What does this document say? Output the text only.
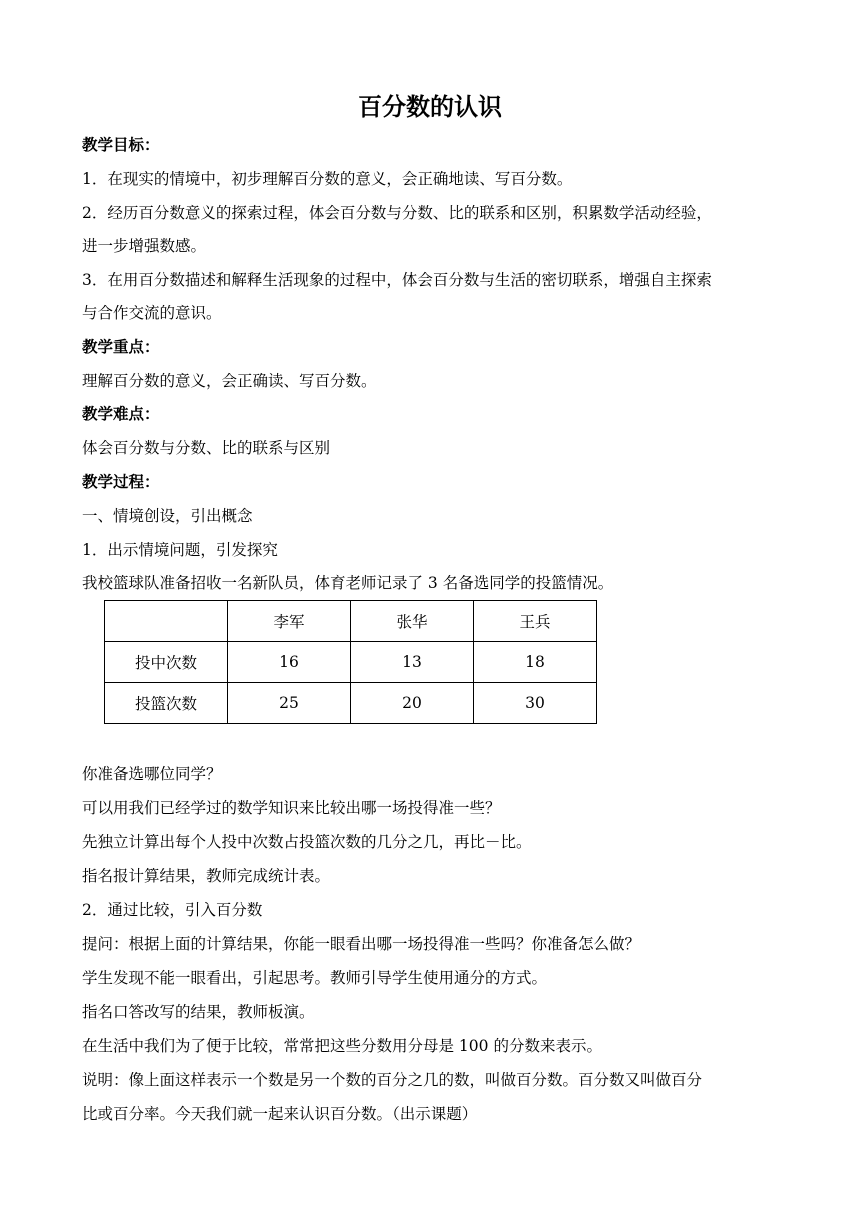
百分数的认识
教学目标：
1．在现实的情境中，初步理解百分数的意义，会正确地读、写百分数。
2．经历百分数意义的探索过程，体会百分数与分数、比的联系和区别，积累数学活动经验，
进一步增强数感。
3．在用百分数描述和解释生活现象的过程中，体会百分数与生活的密切联系，增强自主探索
与合作交流的意识。
教学重点：
理解百分数的意义，会正确读、写百分数。
教学难点：
体会百分数与分数、比的联系与区别
教学过程：
一、情境创设，引出概念
1．出示情境问题，引发探究
我校篮球队准备招收一名新队员，体育老师记录了 3 名备选同学的投篮情况。
	李军	张华	王兵
投中次数	16	13	18
投篮次数	25	20	30
你准备选哪位同学？
可以用我们已经学过的数学知识来比较出哪一场投得准一些？
先独立计算出每个人投中次数占投篮次数的几分之几，再比－比。
指名报计算结果，教师完成统计表。
2．通过比较，引入百分数
提问：根据上面的计算结果，你能一眼看出哪一场投得准一些吗？你准备怎么做？
学生发现不能一眼看出，引起思考。教师引导学生使用通分的方式。
指名口答改写的结果，教师板演。
在生活中我们为了便于比较，常常把这些分数用分母是 100 的分数来表示。
说明：像上面这样表示一个数是另一个数的百分之几的数，叫做百分数。百分数又叫做百分
比或百分率。今天我们就一起来认识百分数。（出示课题）
